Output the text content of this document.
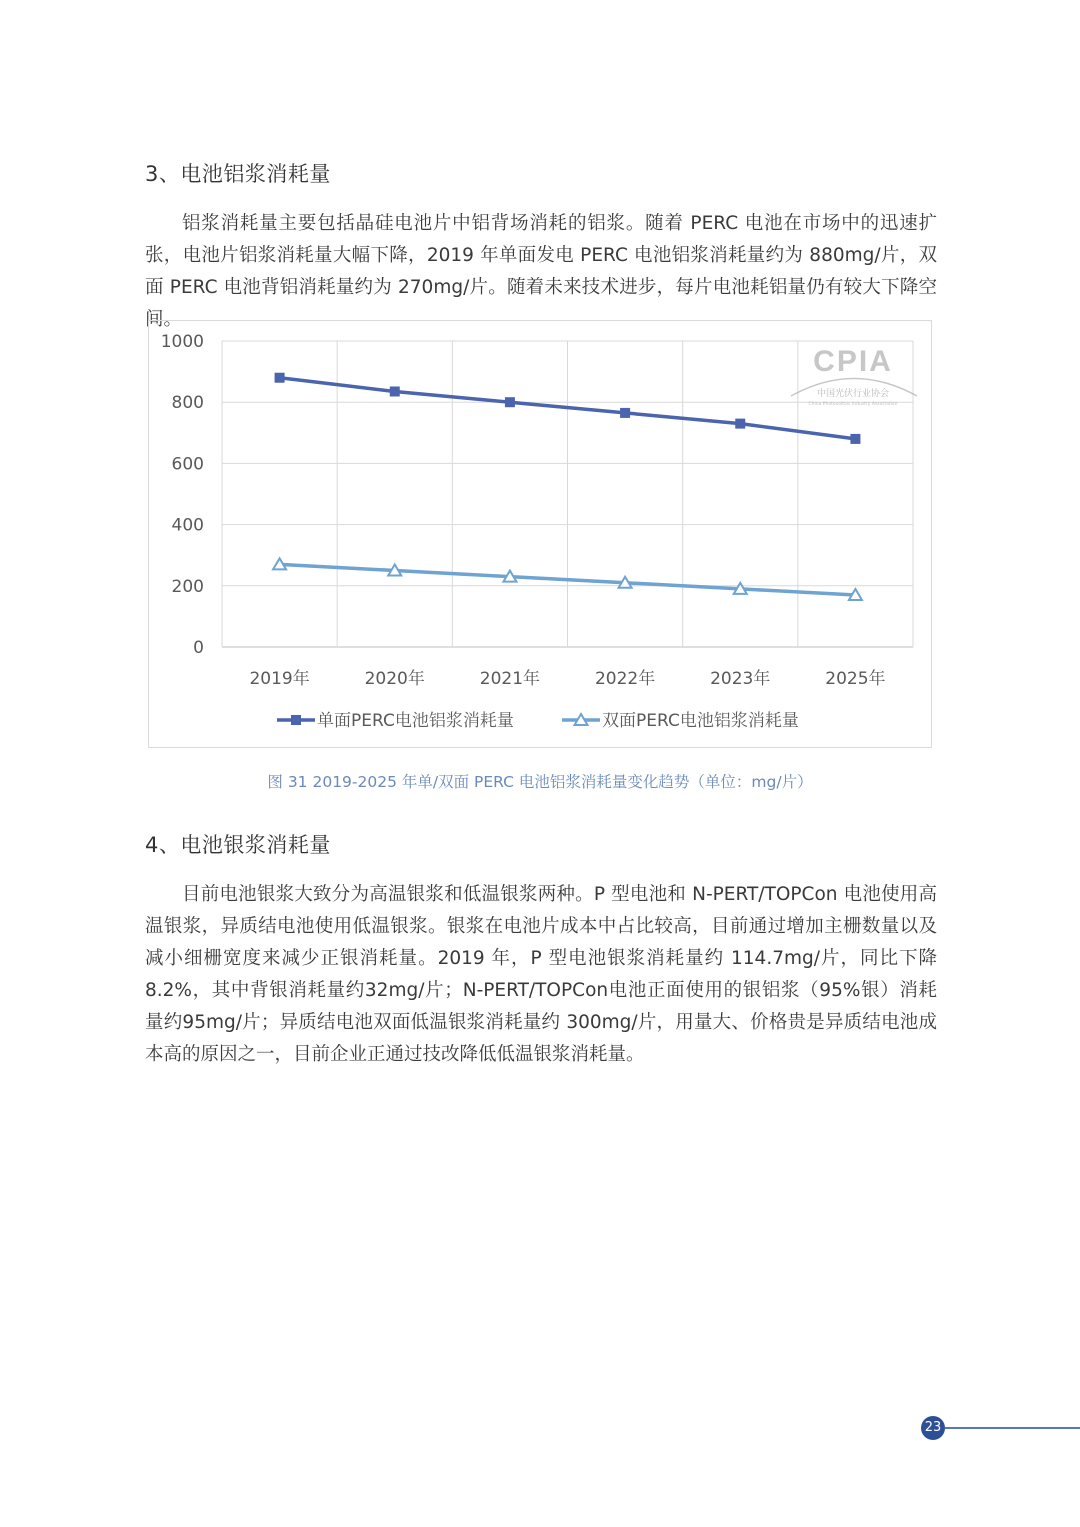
3、电池铝浆消耗量

铝浆消耗量主要包括晶硅电池片中铝背场消耗的铝浆。随着 PERC 电池在市场中的迅速扩张，电池片铝浆消耗量大幅下降，2019 年单面发电 PERC 电池铝浆消耗量约为 880mg/片，双面 PERC 电池背铝消耗量约为 270mg/片。随着未来技术进步，每片电池耗铝量仍有较大下降空间。

0
200
400
600
800
1000
2019年	2020年	2021年	2022年	2023年	2025年
CPIA
中国光伏行业协会
China Photovoltaic Industry Association
单面PERC电池铝浆消耗量	双面PERC电池铝浆消耗量

图 31 2019-2025 年单/双面 PERC 电池铝浆消耗量变化趋势（单位：mg/片）

4、电池银浆消耗量

目前电池银浆大致分为高温银浆和低温银浆两种。P 型电池和 N-PERT/TOPCon 电池使用高温银浆，异质结电池使用低温银浆。银浆在电池片成本中占比较高，目前通过增加主栅数量以及减小细栅宽度来减少正银消耗量。2019 年，P 型电池银浆消耗量约 114.7mg/片，同比下降 8.2%，其中背银消耗量约32mg/片；N-PERT/TOPCon电池正面使用的银铝浆（95%银）消耗量约95mg/片；异质结电池双面低温银浆消耗量约 300mg/片，用量大、价格贵是异质结电池成本高的原因之一，目前企业正通过技改降低低温银浆消耗量。

23
